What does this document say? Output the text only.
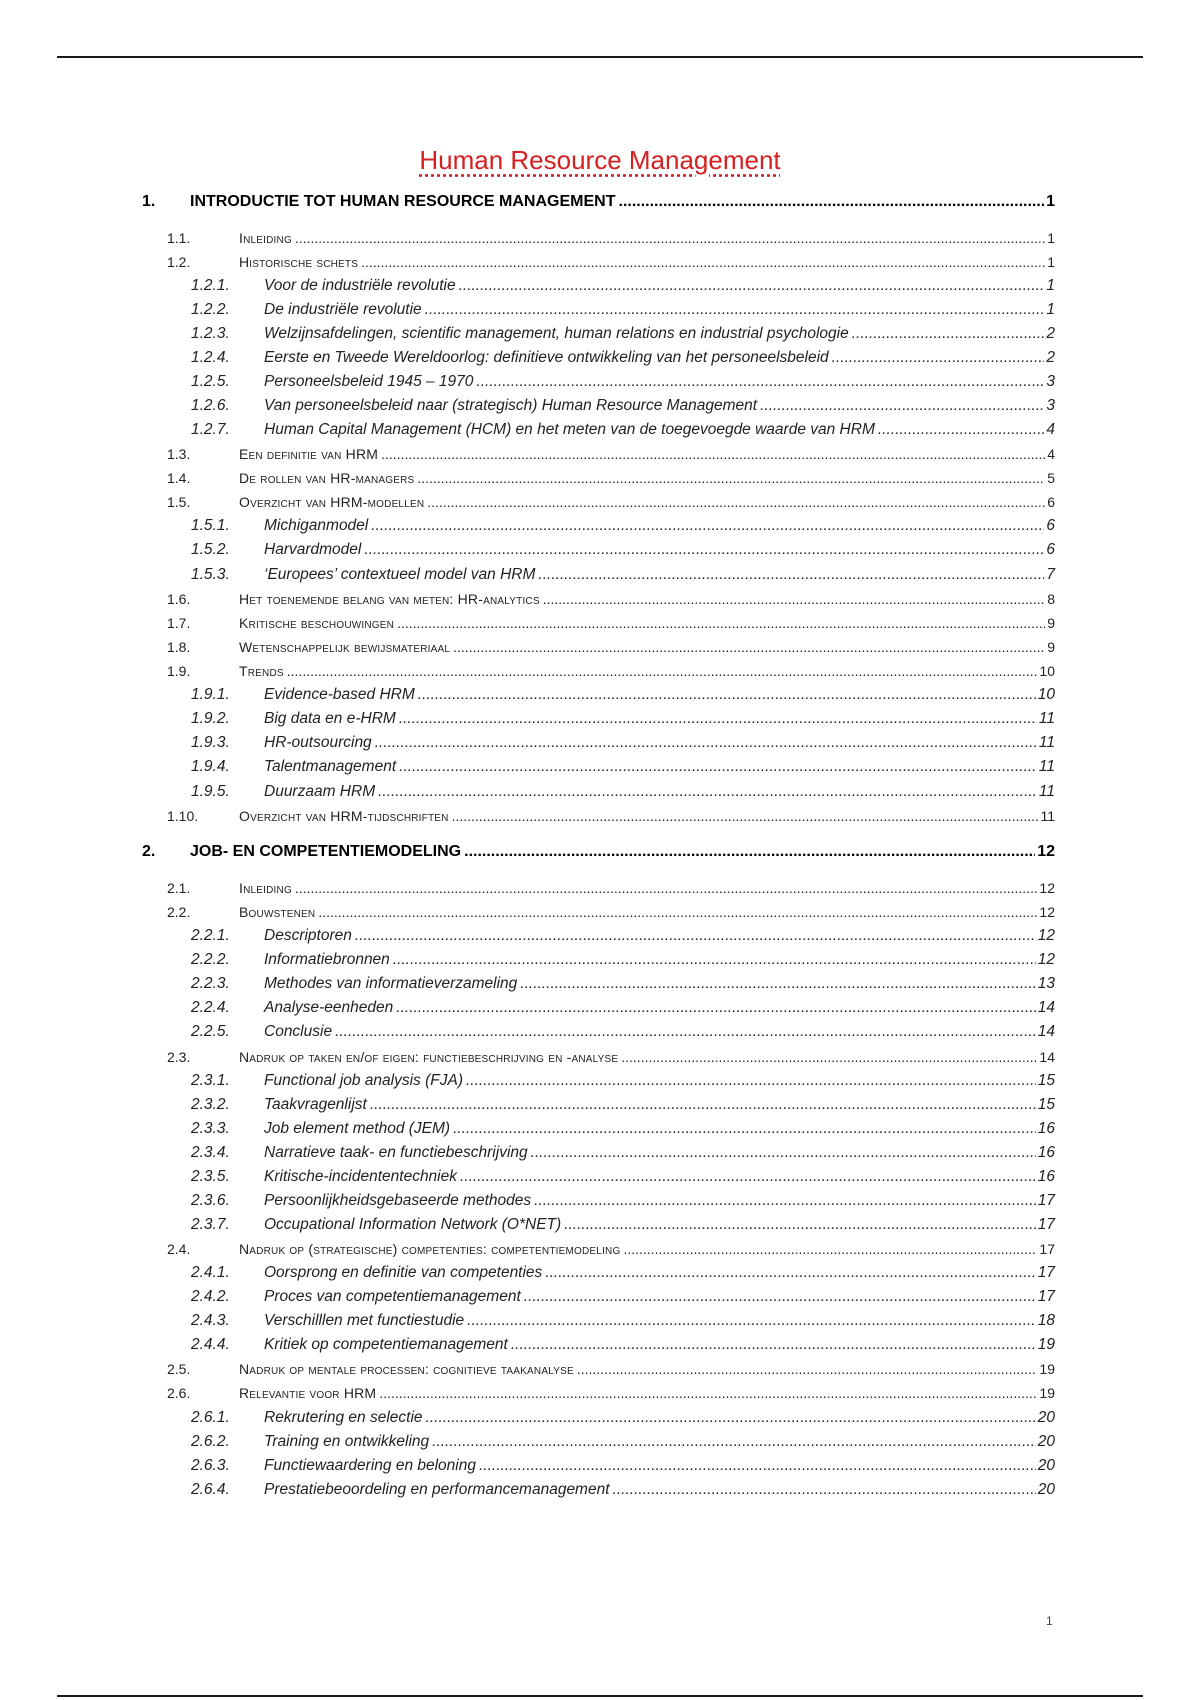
Human Resource Management
1. INTRODUCTIE TOT HUMAN RESOURCE MANAGEMENT .....	1
1.1.	Inleiding .....	1
1.2.	Historische schets .....	1
1.2.1. Voor de industriële revolutie .....	1
1.2.2. De industriële revolutie .....	1
1.2.3. Welzijnsafdelingen, scientific management, human relations en industrial psychologie .....	2
1.2.4. Eerste en Tweede Wereldoorlog: definitieve ontwikkeling van het personeelsbeleid .....	2
1.2.5. Personeelsbeleid 1945 – 1970 .....	3
1.2.6. Van personeelsbeleid naar (strategisch) Human Resource Management .....	3
1.2.7. Human Capital Management (HCM) en het meten van de toegevoegde waarde van HRM .....	4
1.3.	Een definitie van HRM .....	4
1.4.	De rollen van HR-managers .....	5
1.5.	Overzicht van HRM-modellen .....	6
1.5.1. Michiganmodel .....	6
1.5.2. Harvardmodel .....	6
1.5.3. ‘Europees’ contextueel model van HRM .....	7
1.6.	Het toenemende belang van meten: HR-analytics .....	8
1.7.	Kritische beschouwingen .....	9
1.8.	Wetenschappelijk bewijsmateriaal .....	9
1.9.	Trends .....	10
1.9.1. Evidence-based HRM .....	10
1.9.2. Big data en e-HRM .....	11
1.9.3. HR-outsourcing .....	11
1.9.4. Talentmanagement .....	11
1.9.5. Duurzaam HRM .....	11
1.10.	Overzicht van HRM-tijdschriften .....	11
2. JOB- EN COMPETENTIEMODELING .....	12
2.1.	Inleiding .....	12
2.2.	Bouwstenen .....	12
2.2.1. Descriptoren .....	12
2.2.2. Informatiebronnen .....	12
2.2.3. Methodes van informatieverzameling .....	13
2.2.4. Analyse-eenheden .....	14
2.2.5. Conclusie .....	14
2.3.	Nadruk op taken en/of eigen: functiebeschrijving en -analyse .....	14
2.3.1. Functional job analysis (FJA) .....	15
2.3.2. Taakvragenlijst .....	15
2.3.3. Job element method (JEM) .....	16
2.3.4. Narratieve taak- en functiebeschrijving .....	16
2.3.5. Kritische-incidententechniek .....	16
2.3.6. Persoonlijkheidsgebaseerde methodes .....	17
2.3.7. Occupational Information Network (O*NET) .....	17
2.4.	Nadruk op (strategische) competenties: competentiemodeling .....	17
2.4.1. Oorsprong en definitie van competenties .....	17
2.4.2. Proces van competentiemanagement .....	17
2.4.3. Verschilllen met functiestudie .....	18
2.4.4. Kritiek op competentiemanagement .....	19
2.5.	Nadruk op mentale processen: cognitieve taakanalyse .....	19
2.6.	Relevantie voor HRM .....	19
2.6.1. Rekrutering en selectie .....	20
2.6.2. Training en ontwikkeling .....	20
2.6.3. Functiewaardering en beloning .....	20
2.6.4. Prestatiebeoordeling en performancemanagement .....	20
1
